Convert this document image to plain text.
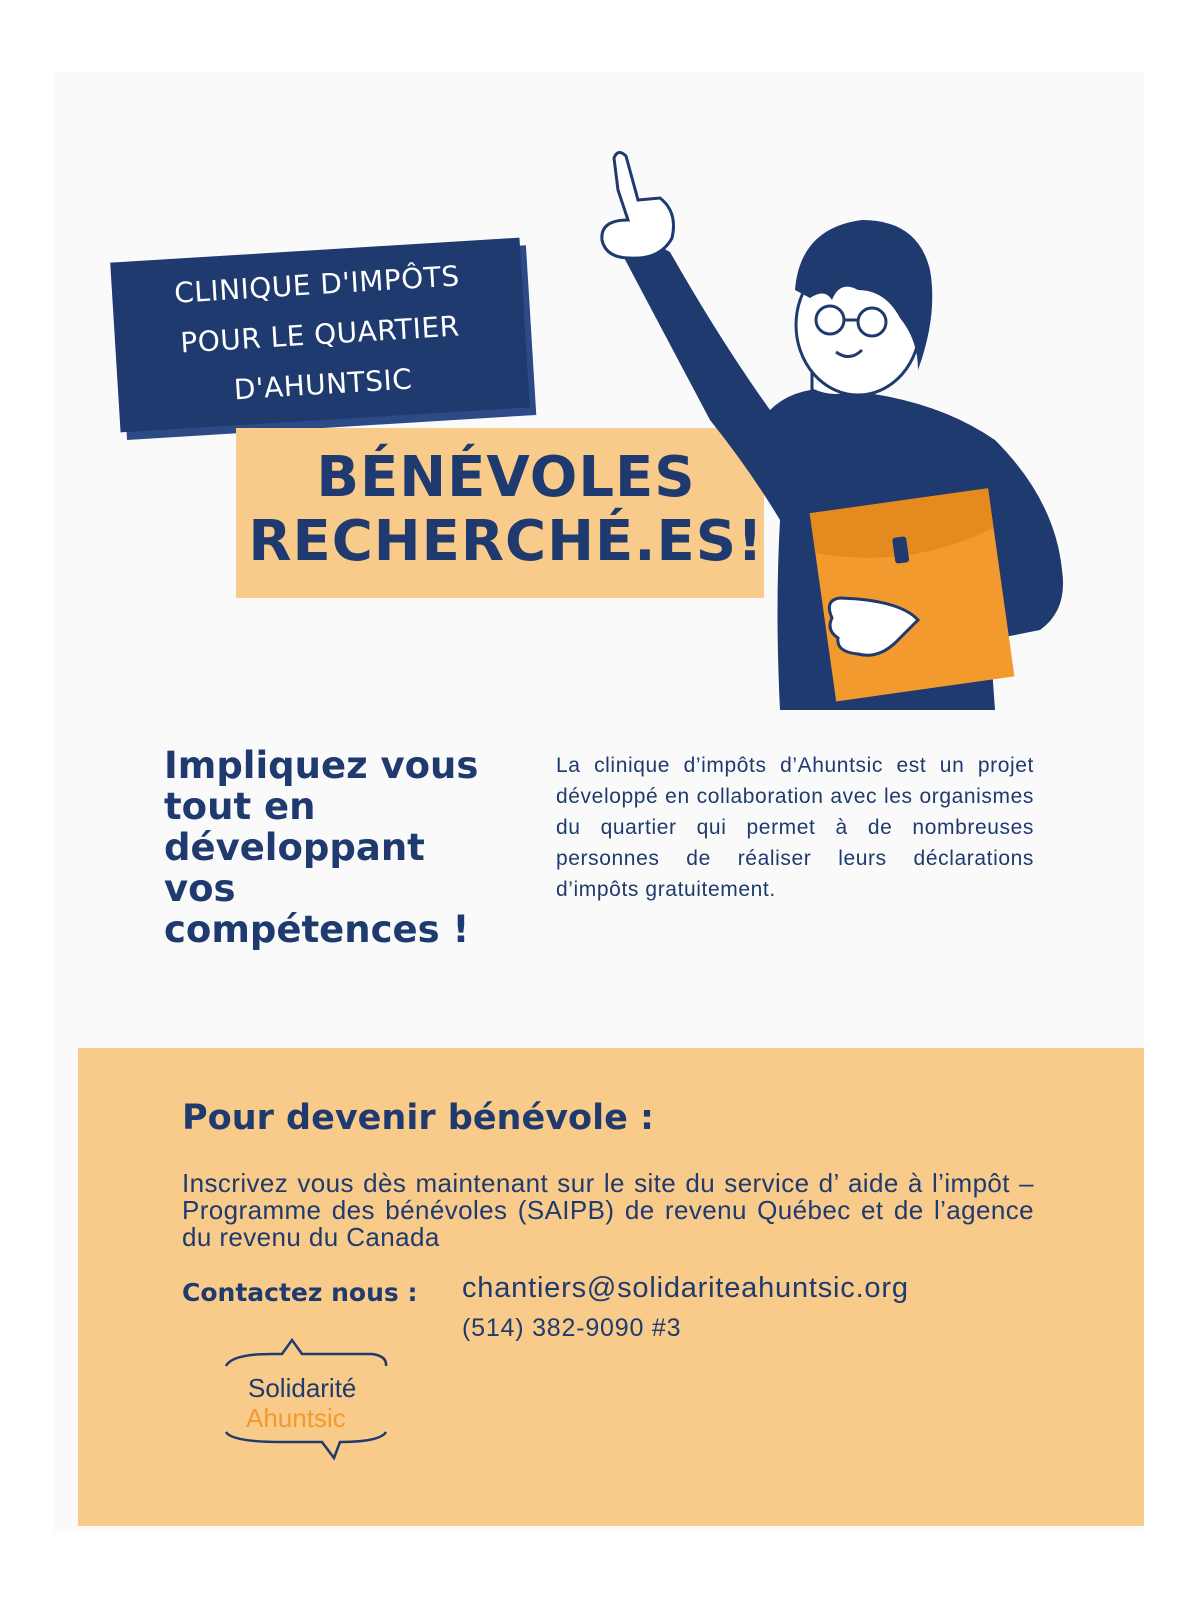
CLINIQUE D'IMPÔTS
POUR LE QUARTIER
D'AHUNTSIC
BÉNÉVOLES
RECHERCHÉ.ES!
Impliquez vous tout en développant vos compétences !
La clinique d’impôts d’Ahuntsic est un projet développé en collaboration avec les organismes du quartier qui permet à de nombreuses personnes de réaliser leurs déclarations d’impôts gratuitement.
Pour devenir bénévole :
Inscrivez vous dès maintenant sur le site du service d’ aide à l’impôt – Programme des bénévoles (SAIPB) de revenu Québec et de l’agence du revenu du Canada
Contactez nous : chantiers@solidariteahuntsic.org
(514) 382-9090 #3
Solidarité
Ahuntsic
